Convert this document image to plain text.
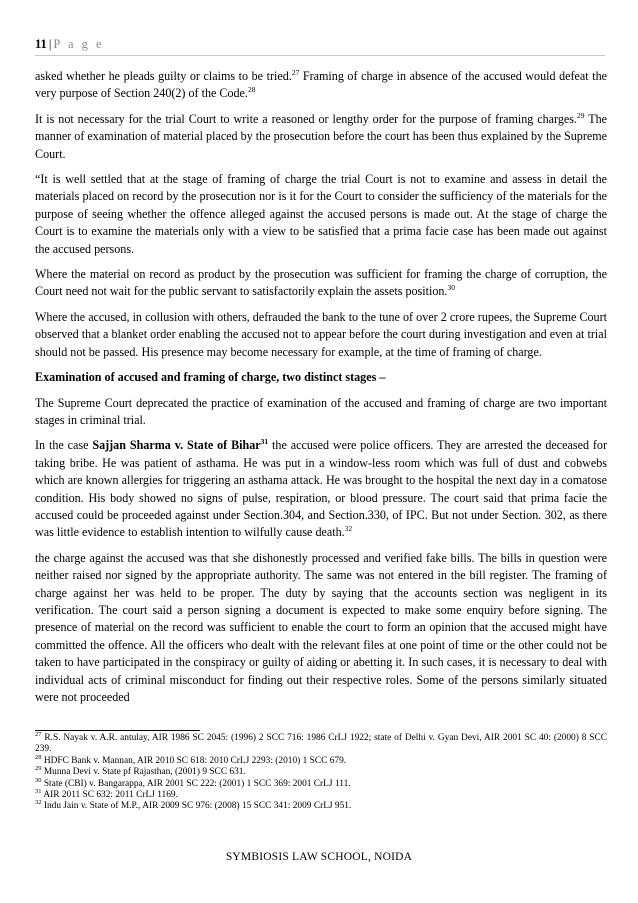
11 | P a g e

asked whether he pleads guilty or claims to be tried.$^{27}$ Framing of charge in absence of the accused would defeat the very purpose of Section 240(2) of the Code.$^{28}$

It is not necessary for the trial Court to write a reasoned or lengthy order for the purpose of framing charges.$^{29}$ The manner of examination of material placed by the prosecution before the court has been thus explained by the Supreme Court.

“It is well settled that at the stage of framing of charge the trial Court is not to examine and assess in detail the materials placed on record by the prosecution nor is it for the Court to consider the sufficiency of the materials for the purpose of seeing whether the offence alleged against the accused persons is made out. At the stage of charge the Court is to examine the materials only with a view to be satisfied that a prima facie case has been made out against the accused persons.

Where the material on record as product by the prosecution was sufficient for framing the charge of corruption, the Court need not wait for the public servant to satisfactorily explain the assets position.$^{30}$

Where the accused, in collusion with others, defrauded the bank to the tune of over 2 crore rupees, the Supreme Court observed that a blanket order enabling the accused not to appear before the court during investigation and even at trial should not be passed. His presence may become necessary for example, at the time of framing of charge.

Examination of accused and framing of charge, two distinct stages –

The Supreme Court deprecated the practice of examination of the accused and framing of charge are two important stages in criminal trial.

In the case Sajjan Sharma v. State of Bihar$^{31}$ the accused were police officers. They are arrested the deceased for taking bribe. He was patient of asthama. He was put in a window-less room which was full of dust and cobwebs which are known allergies for triggering an asthama attack. He was brought to the hospital the next day in a comatose condition. His body showed no signs of pulse, respiration, or blood pressure. The court said that prima facie the accused could be proceeded against under Section.304, and Section.330, of IPC. But not under Section. 302, as there was little evidence to establish intention to wilfully cause death.$^{32}$

the charge against the accused was that she dishonestly processed and verified fake bills. The bills in question were neither raised nor signed by the appropriate authority. The same was not entered in the bill register. The framing of charge against her was held to be proper. The duty by saying that the accounts section was negligent in its verification. The court said a person signing a document is expected to make some enquiry before signing. The presence of material on the record was sufficient to enable the court to form an opinion that the accused might have committed the offence. All the officers who dealt with the relevant files at one point of time or the other could not be taken to have participated in the conspiracy or guilty of aiding or abetting it. In such cases, it is necessary to deal with individual acts of criminal misconduct for finding out their respective roles. Some of the persons similarly situated were not proceeded

$^{27}$ R.S. Nayak v. A.R. antulay, AIR 1986 SC 2045: (1996) 2 SCC 716: 1986 CrLJ 1922; state of Delhi v. Gyan Devi, AIR 2001 SC 40: (2000) 8 SCC 239.

$^{28}$ HDFC Bank v. Mannan, AIR 2010 SC 618: 2010 CrLJ 2293: (2010) 1 SCC 679.

$^{29}$ Munna Devi v. State pf Rajasthan, (2001) 9 SCC 631.

$^{30}$ State (CBI) v. Bangarappa, AIR 2001 SC 222: (2001) 1 SCC 369: 2001 CrLJ 111.

$^{31}$ AIR 2011 SC 632: 2011 CrLJ 1169.

$^{32}$ Indu Jain v. State of M.P., AIR 2009 SC 976: (2008) 15 SCC 341: 2009 CrLJ 951.

SYMBIOSIS LAW SCHOOL, NOIDA
